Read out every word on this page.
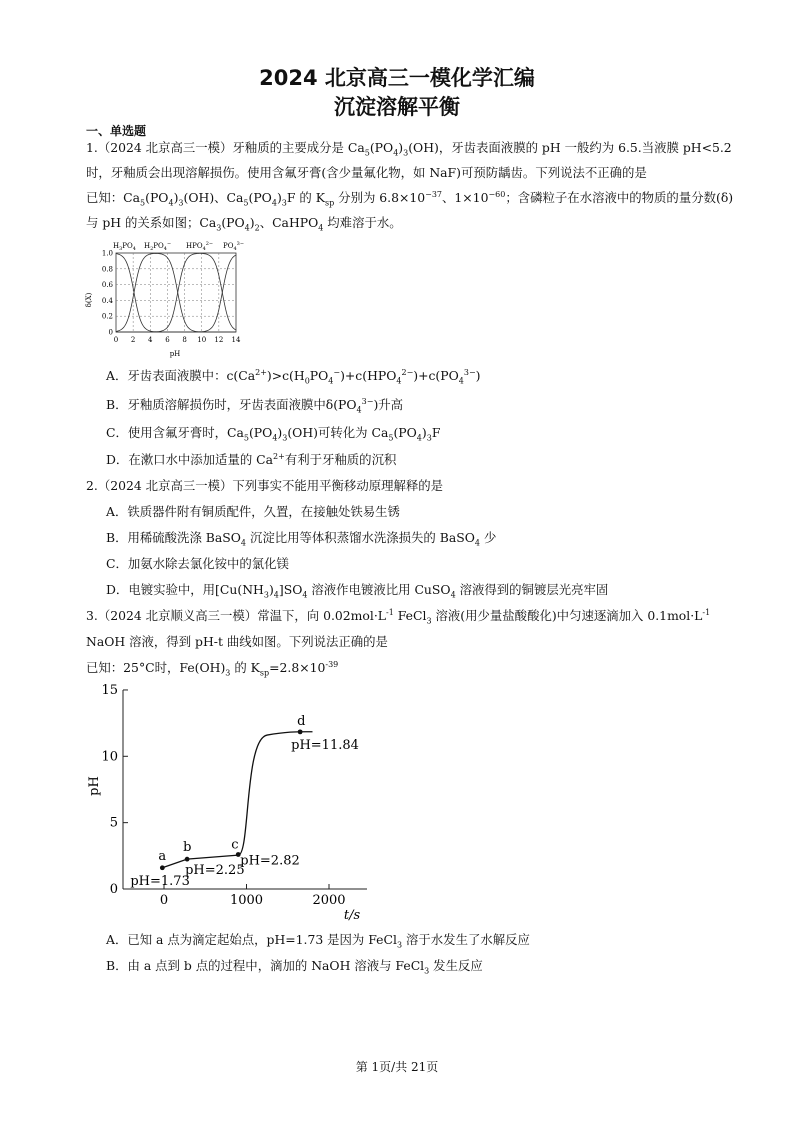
2024 北京高三一模化学汇编
沉淀溶解平衡
一、单选题
1.（2024 北京高三一模）牙釉质的主要成分是 $Ca_5(PO_4)_3(OH)$，牙齿表面液膜的 pH 一般约为 6.5.当液膜 pH<5.2
时，牙釉质会出现溶解损伤。使用含氟牙膏(含少量氟化物，如 NaF)可预防龋齿。下列说法不正确的是
已知：$Ca_5(PO_4)_3(OH)$、$Ca_5(PO_4)_3F$ 的 $K_{sp}$ 分别为 $6.8\times 10^{-37}$、$1\times 10^{-60}$；含磷粒子在水溶液中的物质的量分数(δ)
与 pH 的关系如图；$Ca_3(PO_4)_2$、CaHPO$_4$ 均难溶于水。
$H_3PO_4$ $H_2PO_4^-$ $HPO_4^{2-}$ $PO_4^{3-}$
1.0
0.8
0.6
0.4
0.2
0
0 2 4 6 8 10 12 14
δ(X)
pH
A．牙齿表面液膜中：$c(Ca^{2+})>c(H_0PO_4^-)+c(HPO_4^{2-})+c(PO_4^{3-})$
B．牙釉质溶解损伤时，牙齿表面液膜中$\delta(PO_4^{3-})$升高
C．使用含氟牙膏时，$Ca_5(PO_4)_3(OH)$可转化为 $Ca_5(PO_4)_3F$
D．在漱口水中添加适量的 $Ca^{2+}$有利于牙釉质的沉积
2.（2024 北京高三一模）下列事实不能用平衡移动原理解释的是
A．铁质器件附有铜质配件，久置，在接触处铁易生锈
B．用稀硫酸洗涤 BaSO$_4$ 沉淀比用等体积蒸馏水洗涤损失的 BaSO$_4$ 少
C．加氨水除去氯化铵中的氯化镁
D．电镀实验中，用$[Cu(NH_3)_4]SO_4$ 溶液作电镀液比用 CuSO$_4$ 溶液得到的铜镀层光亮牢固
3.（2024 北京顺义高三一模）常温下，向 $0.02mol\cdot L^{-1}$ FeCl$_3$ 溶液(用少量盐酸酸化)中匀速逐滴加入 $0.1mol\cdot L^{-1}$
NaOH 溶液，得到 pH-t 曲线如图。下列说法正确的是
已知：25°C时，$Fe(OH)_3$ 的 $K_{sp}=2.8\times 10^{-39}$
0
5
10
15
0	1000	2000
a
pH=1.73
b
pH=2.25
c
pH=2.82
d
pH=11.84
pH
t/s
A．已知 a 点为滴定起始点，pH=1.73 是因为 FeCl$_3$ 溶于水发生了水解反应
B．由 a 点到 b 点的过程中，滴加的 NaOH 溶液与 FeCl$_3$ 发生反应
第 1页/共 21页
